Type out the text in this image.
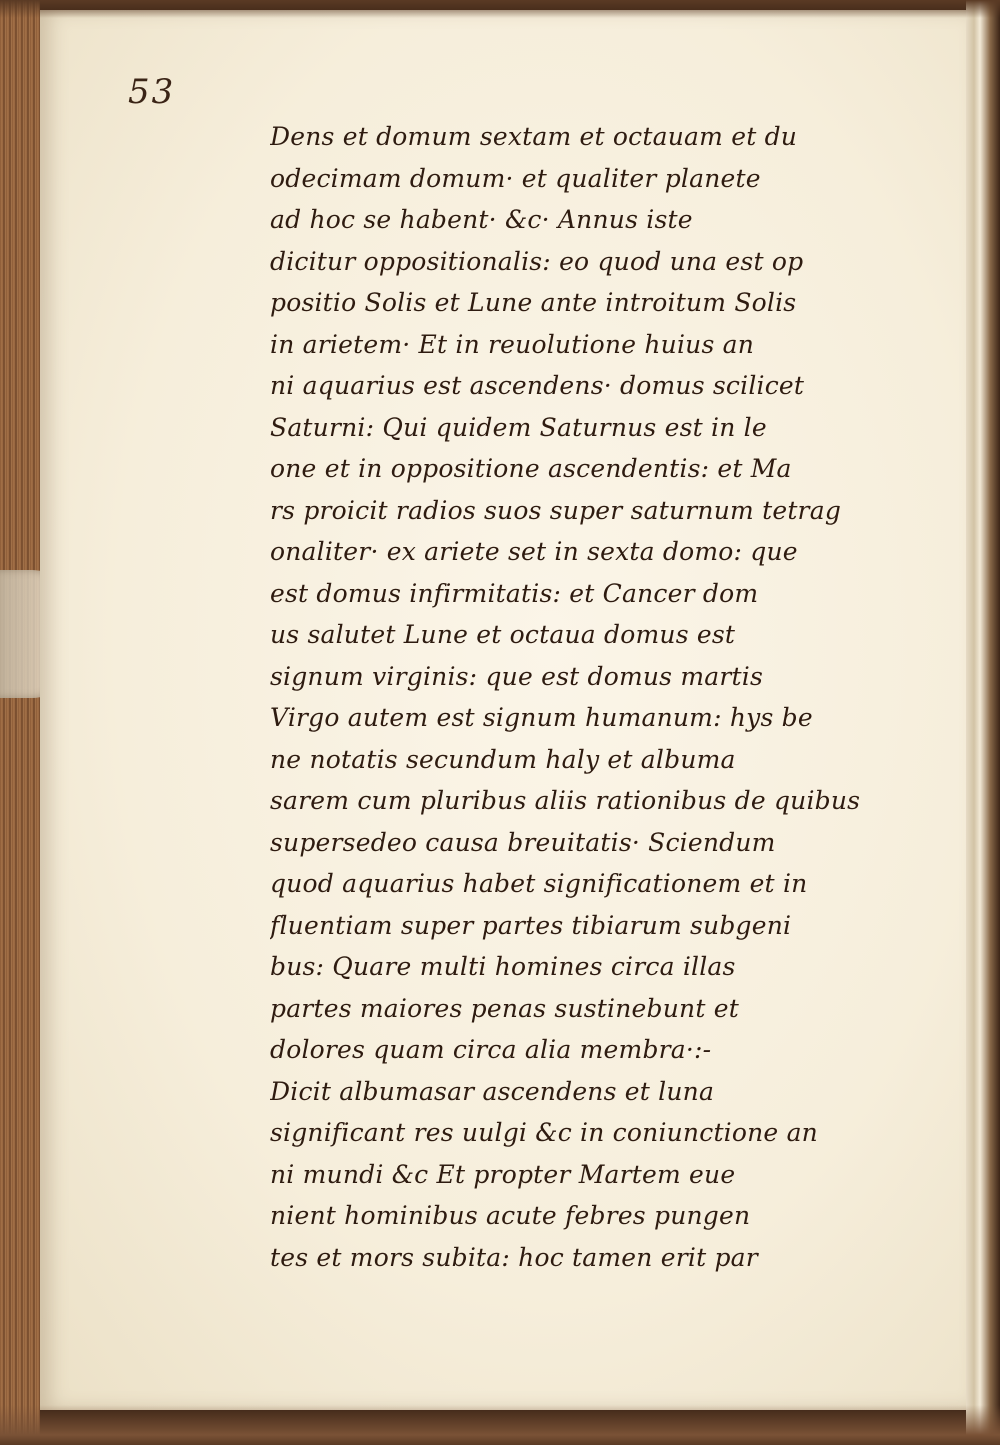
53
Dens et domum sextam et octauam et du
odecimam domum· et qualiter planete
ad hoc se habent· &c· Annus iste
dicitur oppositionalis: eo quod una est op
positio Solis et Lune ante introitum Solis
in arietem· Et in reuolutione huius an
ni aquarius est ascendens· domus scilicet
Saturni: Qui quidem Saturnus est in le
one et in oppositione ascendentis: et Ma
rs proicit radios suos super saturnum tetrag
onaliter· ex ariete set in sexta domo: que
est domus infirmitatis: et Cancer dom
us salutet Lune et octaua domus est
signum virginis: que est domus martis
Virgo autem est signum humanum: hys be
ne notatis secundum haly et albuma
sarem cum pluribus aliis rationibus de quibus
supersedeo causa breuitatis· Sciendum
quod aquarius habet significationem et in
fluentiam super partes tibiarum subgeni
bus: Quare multi homines circa illas
partes maiores penas sustinebunt et
dolores quam circa alia membra·:-
Dicit albumasar ascendens et luna
significant res uulgi &c in coniunctione an
ni mundi &c Et propter Martem eue
nient hominibus acute febres pungen
tes et mors subita: hoc tamen erit par
